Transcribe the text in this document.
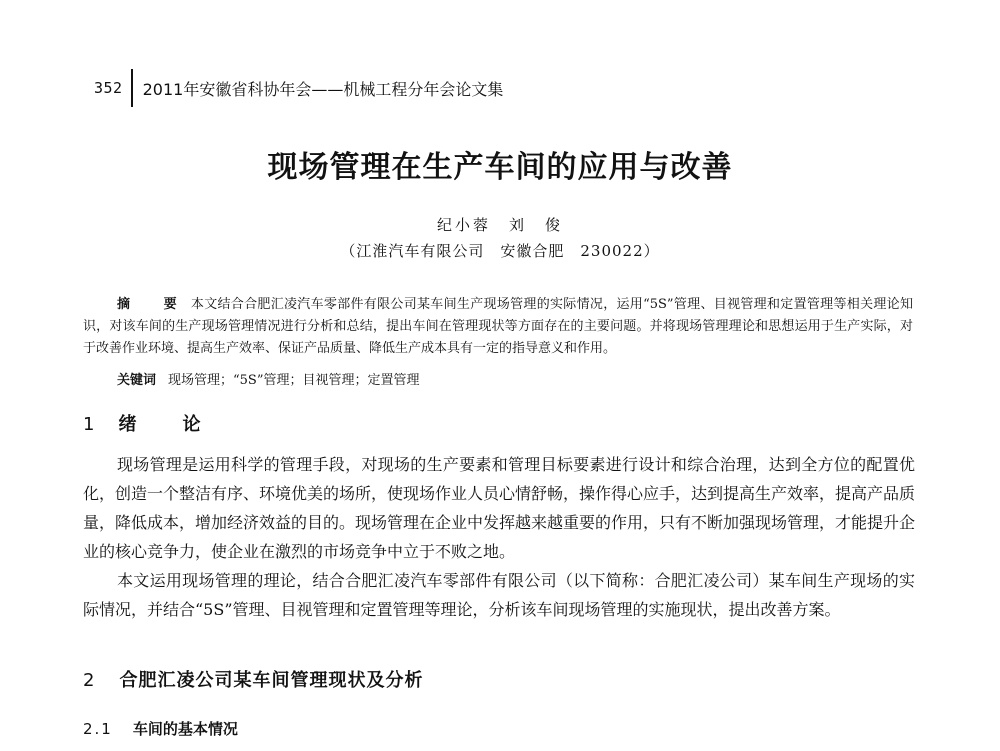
352	2011年安徽省科协年会——机械工程分年会论文集
现场管理在生产车间的应用与改善
纪小蓉　刘　俊
（江淮汽车有限公司　安徽合肥　230022）

摘　要 本文结合合肥汇凌汽车零部件有限公司某车间生产现场管理的实际情况，运用“5S”管理、目视管理和定置管理等相关理论知识，对该车间的生产现场管理情况进行分析和总结，提出车间在管理现状等方面存在的主要问题。并将现场管理理论和思想运用于生产实际，对于改善作业环境、提高生产效率、保证产品质量、降低生产成本具有一定的指导意义和作用。

关键词 现场管理；“5S”管理；目视管理；定置管理
1 绪　论

现场管理是运用科学的管理手段，对现场的生产要素和管理目标要素进行设计和综合治理，达到全方位的配置优化，创造一个整洁有序、环境优美的场所，使现场作业人员心情舒畅，操作得心应手，达到提高生产效率，提高产品质量，降低成本，增加经济效益的目的。现场管理在企业中发挥越来越重要的作用，只有不断加强现场管理，才能提升企业的核心竞争力，使企业在激烈的市场竞争中立于不败之地。

本文运用现场管理的理论，结合合肥汇凌汽车零部件有限公司（以下简称：合肥汇凌公司）某车间生产现场的实际情况，并结合“5S”管理、目视管理和定置管理等理论，分析该车间现场管理的实施现状，提出改善方案。

2 合肥汇凌公司某车间管理现状及分析
2.1 车间的基本情况
